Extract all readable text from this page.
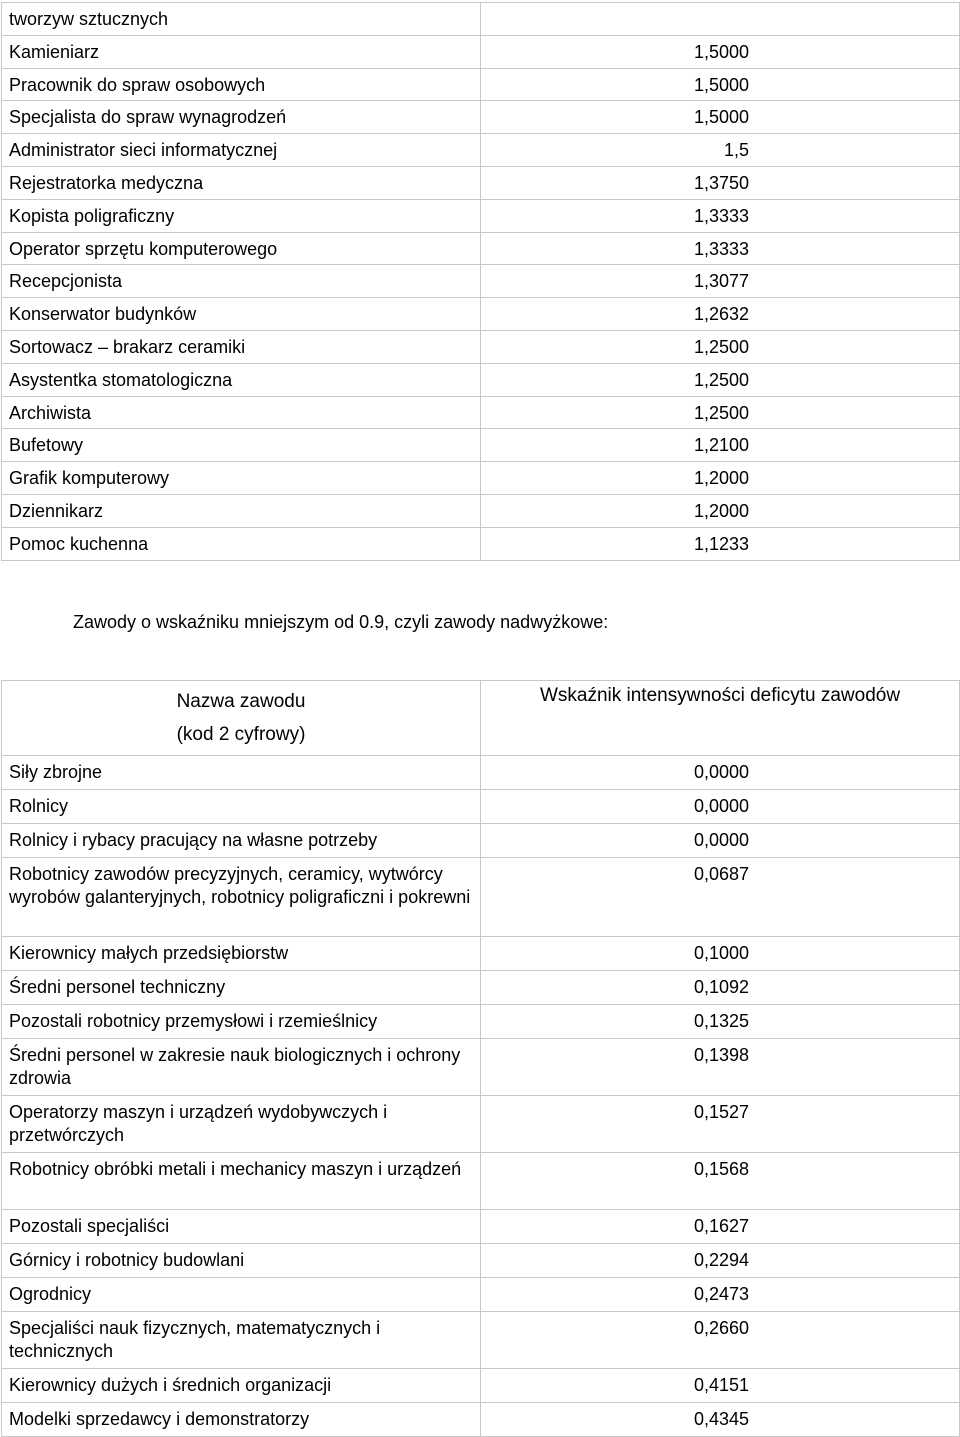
tworzyw sztucznych	
Kamieniarz	1,5000
Pracownik do spraw osobowych	1,5000
Specjalista do spraw wynagrodzeń	1,5000
Administrator sieci informatycznej	1,5
Rejestratorka medyczna	1,3750
Kopista poligraficzny	1,3333
Operator sprzętu komputerowego	1,3333
Recepcjonista	1,3077
Konserwator budynków	1,2632
Sortowacz – brakarz ceramiki	1,2500
Asystentka stomatologiczna	1,2500
Archiwista	1,2500
Bufetowy	1,2100
Grafik komputerowy	1,2000
Dziennikarz	1,2000
Pomoc kuchenna	1,1233

Zawody o wskaźniku mniejszym od 0.9, czyli zawody nadwyżkowe:

Nazwa zawodu
(kod 2 cyfrowy)	Wskaźnik intensywności deficytu zawodów
Siły zbrojne	0,0000
Rolnicy	0,0000
Rolnicy i rybacy pracujący na własne potrzeby	0,0000
Robotnicy zawodów precyzyjnych, ceramicy, wytwórcy wyrobów galanteryjnych, robotnicy poligraficzni i pokrewni	0,0687
Kierownicy małych przedsiębiorstw	0,1000
Średni personel techniczny	0,1092
Pozostali robotnicy przemysłowi i rzemieślnicy	0,1325
Średni personel w zakresie nauk biologicznych i ochrony zdrowia	0,1398
Operatorzy maszyn i urządzeń wydobywczych i przetwórczych	0,1527
Robotnicy obróbki metali i mechanicy maszyn i urządzeń	0,1568
Pozostali specjaliści	0,1627
Górnicy i robotnicy budowlani	0,2294
Ogrodnicy	0,2473
Specjaliści nauk fizycznych, matematycznych i technicznych	0,2660
Kierownicy dużych i średnich organizacji	0,4151
Modelki sprzedawcy i demonstratorzy	0,4345
